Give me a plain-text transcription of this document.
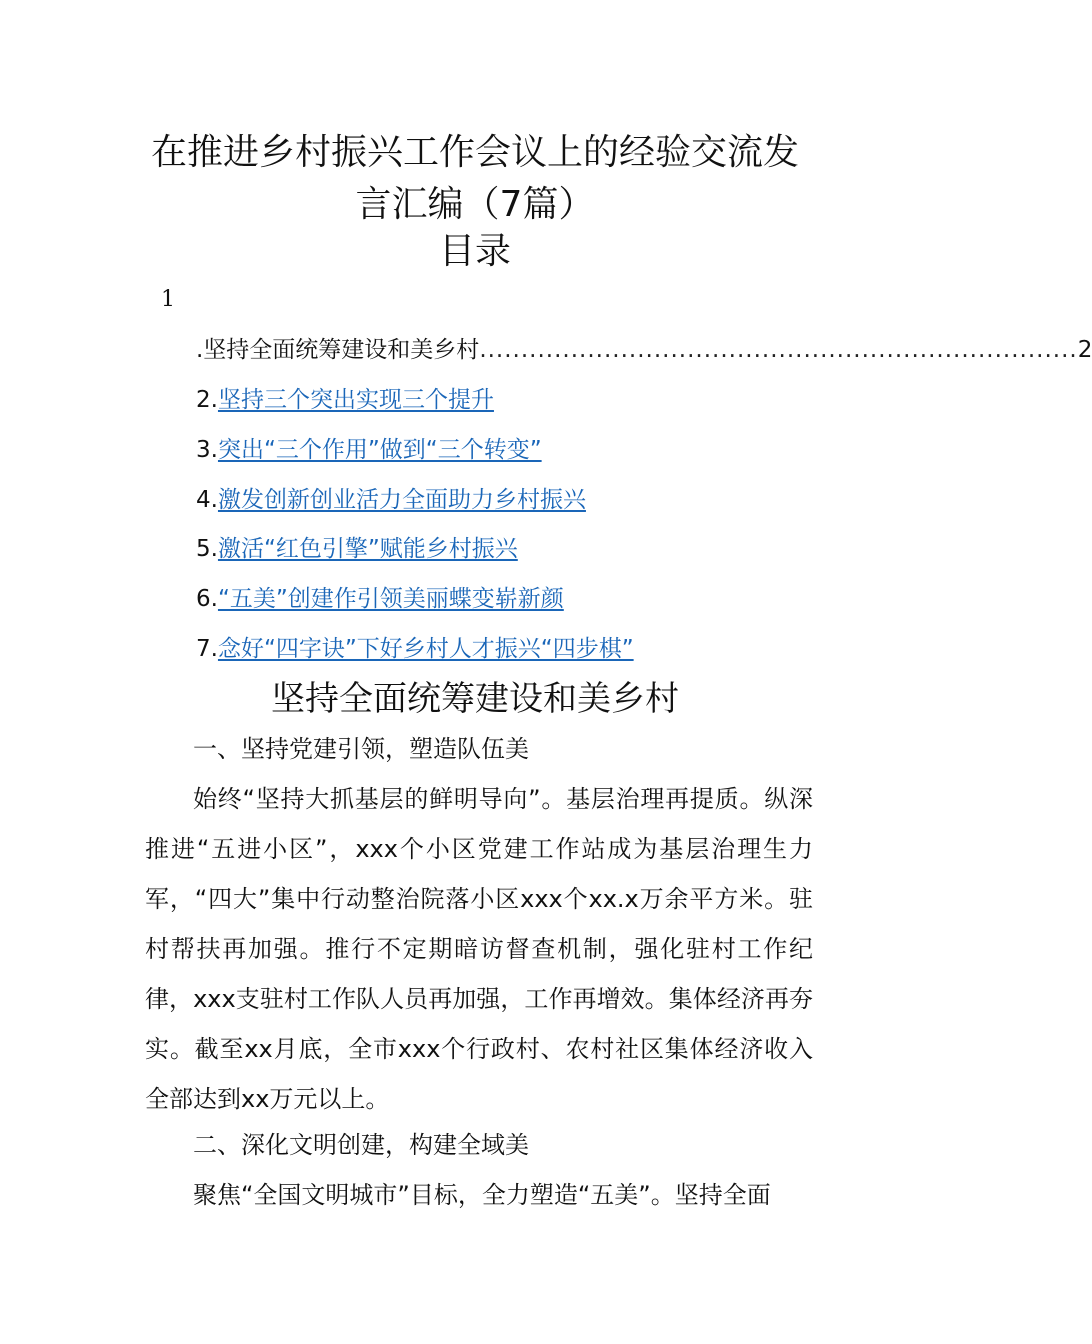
在推进乡村振兴工作会议上的经验交流发
言汇编（7篇）
目录
1
.坚持全面统筹建设和美乡村 ........................................................................ 2
2.坚持三个突出实现三个提升
3.突出“三个作用”做到“三个转变”
4.激发创新创业活力全面助力乡村振兴
5.激活“红色引擎”赋能乡村振兴
6.“五美”创建作引领美丽蝶变崭新颜
7.念好“四字诀”下好乡村人才振兴“四步棋”
坚持全面统筹建设和美乡村

一、坚持党建引领，塑造队伍美

始终“坚持大抓基层的鲜明导向”。基层治理再提质。纵深推进“五进小区”，xxx个小区党建工作站成为基层治理生力军，“四大”集中行动整治院落小区xxx个xx.x万余平方米。驻村帮扶再加强。推行不定期暗访督查机制，强化驻村工作纪律，xxx支驻村工作队人员再加强，工作再增效。集体经济再夯实。截至xx月底，全市xxx个行政村、农村社区集体经济收入全部达到xx万元以上。

二、深化文明创建，构建全域美

聚焦“全国文明城市”目标，全力塑造“五美”。坚持全面
